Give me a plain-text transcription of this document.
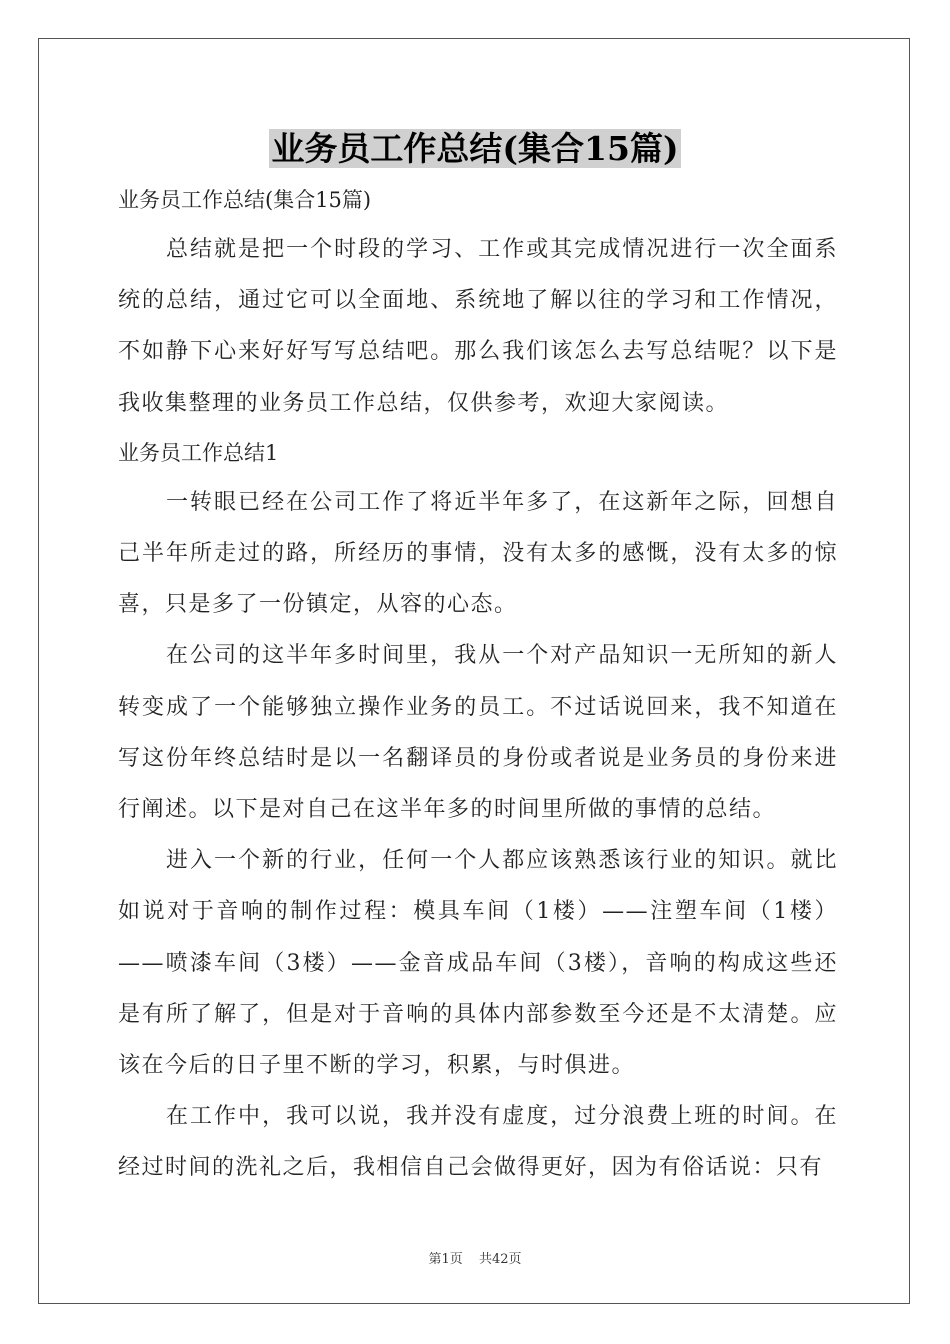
业务员工作总结(集合15篇)
业务员工作总结(集合15篇)

总结就是把一个时段的学习、工作或其完成情况进行一次全面系统的总结，通过它可以全面地、系统地了解以往的学习和工作情况，不如静下心来好好写写总结吧。那么我们该怎么去写总结呢？以下是我收集整理的业务员工作总结，仅供参考，欢迎大家阅读。

业务员工作总结1

一转眼已经在公司工作了将近半年多了，在这新年之际，回想自己半年所走过的路，所经历的事情，没有太多的感慨，没有太多的惊喜，只是多了一份镇定，从容的心态。

在公司的这半年多时间里，我从一个对产品知识一无所知的新人转变成了一个能够独立操作业务的员工。不过话说回来，我不知道在写这份年终总结时是以一名翻译员的身份或者说是业务员的身份来进行阐述。以下是对自己在这半年多的时间里所做的事情的总结。

进入一个新的行业，任何一个人都应该熟悉该行业的知识。就比如说对于音响的制作过程：模具车间（1楼）——注塑车间（1楼）——喷漆车间（3楼）——金音成品车间（3楼），音响的构成这些还是有所了解了，但是对于音响的具体内部参数至今还是不太清楚。应该在今后的日子里不断的学习，积累，与时俱进。

在工作中，我可以说，我并没有虚度，过分浪费上班的时间。在经过时间的洗礼之后，我相信自己会做得更好，因为有俗话说：只有

第1页 共42页
